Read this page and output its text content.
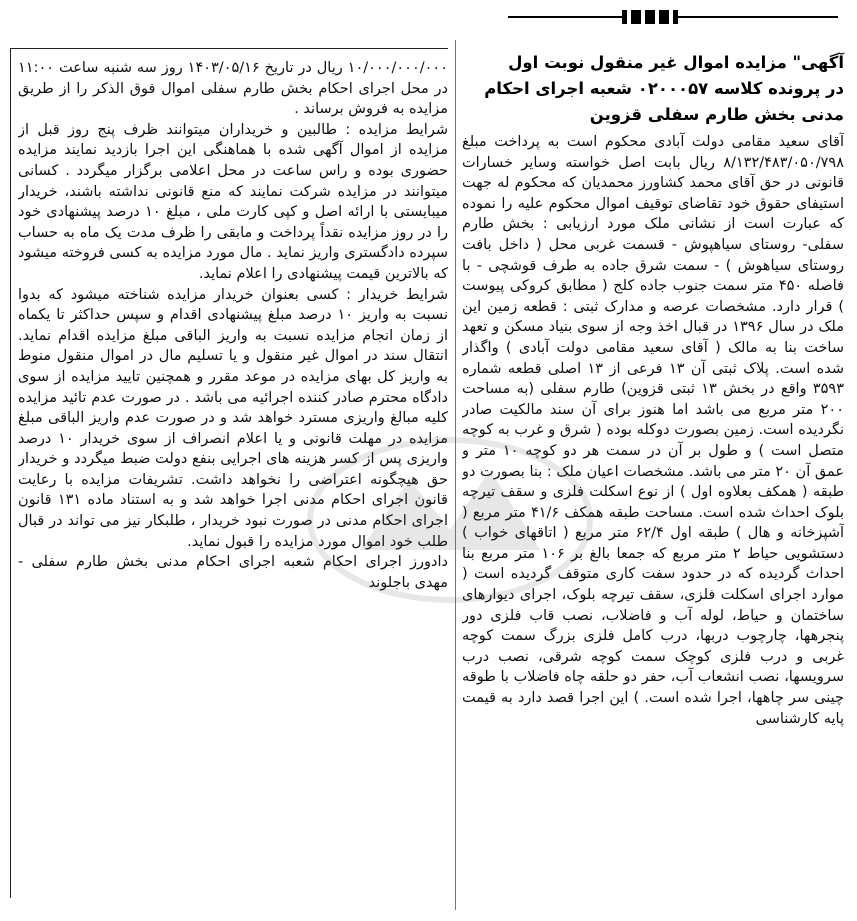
آگهی" مزایده اموال غیر منقول نوبت اول
در پرونده کلاسه ۰۲۰۰۰۵۷ شعبه اجرای احکام
مدنی بخش طارم سفلی قزوین

آقای سعید مقامی دولت آبادی محکوم است به پرداخت مبلغ ۸/۱۳۲/۴۸۳/۰۵۰/۷۹۸ ریال بابت اصل خواسته وسایر خسارات قانونی در حق آقای محمد کشاورز محمدیان که محکوم له جهت استیفای حقوق خود تقاضای توقیف اموال محکوم علیه را نموده که عبارت است از نشانی ملک مورد ارزیابی : بخش طارم سفلی- روستای سیاهپوش - قسمت غربی محل ( داخل بافت روستای سیاهوش ) - سمت شرق جاده به طرف قوشچی - با فاصله ۴۵۰ متر سمت جنوب جاده کلج ( مطابق کروکی پیوست ) قرار دارد. مشخصات عرصه و مدارک ثبتی : قطعه زمین این ملک در سال ۱۳۹۶ در قبال اخذ وجه از سوی بنیاد مسکن و تعهد ساخت بنا به مالک ( آقای سعید مقامی دولت آبادی ) واگذار شده است. پلاک ثبتی آن ۱۳ فرعی از ۱۳ اصلی قطعه شماره ۳۵۹۳ واقع در بخش ۱۳ ثبتی قزوین) طارم سفلی (به مساحت ۲۰۰ متر مربع می باشد اما هنوز برای آن سند مالکیت صادر نگردیده است. زمین بصورت دوکله بوده ( شرق و غرب به کوچه متصل است ) و طول بر آن در سمت هر دو کوچه ۱۰ متر و عمق آن ۲۰ متر می باشد. مشخصات اعیان ملک : بنا بصورت دو طبقه ( همکف بعلاوه اول ) از نوع اسکلت فلزی و سقف تیرچه بلوک احداث شده است. مساحت طبقه همکف ۴۱/۶ متر مربع ( آشپزخانه و هال ) طبقه اول ۶۲/۴ متر مربع ( اتاقهای خواب ) دستشویی حیاط ۲ متر مربع که جمعا بالغ بر ۱۰۶ متر مربع بنا احداث گردیده که در حدود سفت کاری متوقف گردیده است ( موارد اجرای اسکلت فلزی، سقف تیرچه بلوک، اجرای دیوارهای ساختمان و حیاط، لوله آب و فاضلاب، نصب قاب فلزی دور پنجرهها، چارچوب دربها، درب کامل فلزی بزرگ سمت کوچه غربی و درب فلزی کوچک سمت کوچه شرقی، نصب درب سرویسها، نصب انشعاب آب، حفر دو حلقه چاه فاضلاب با طوقه چینی سر چاهها، اجرا شده است. ) این اجرا قصد دارد به قیمت پایه کارشناسی

۱۰/۰۰۰/۰۰۰/۰۰۰ ریال در تاریخ ۱۴۰۳/۰۵/۱۶ روز سه شنبه ساعت ۱۱:۰۰ در محل اجرای احکام بخش طارم سفلی اموال فوق الذکر را از طریق مزایده به فروش برساند .

شرایط مزایده : طالبین و خریداران میتوانند ظرف پنج روز قبل از مزایده از اموال آگهی شده با هماهنگی این اجرا بازدید نمایند مزایده حضوری بوده و راس ساعت در محل اعلامی برگزار میگردد . کسانی میتوانند در مزایده شرکت نمایند که منع قانونی نداشته باشند، خریدار میبایستی با ارائه اصل و کپی کارت ملی ، مبلغ ۱۰ درصد پیشنهادی خود را در روز مزایده نقداً پرداخت و مابقی را ظرف مدت یک ماه به حساب سپرده دادگستری واریز نماید . مال مورد مزایده به کسی فروخته میشود که بالاترین قیمت پیشنهادی را اعلام نماید.

شرایط خریدار : کسی بعنوان خریدار مزایده شناخته میشود که بدوا نسبت به واریز ۱۰ درصد مبلغ پیشنهادی اقدام و سپس حداکثر تا یکماه از زمان انجام مزایده نسبت به واریز الباقی مبلغ مزایده اقدام نماید. انتقال سند در اموال غیر منقول و یا تسلیم مال در اموال منقول منوط به واریز کل بهای مزایده در موعد مقرر و همچنین تایید مزایده از سوی دادگاه محترم صادر کننده اجرائیه می باشد . در صورت عدم تائید مزایده کلیه مبالغ واریزی مسترد خواهد شد و در صورت عدم واریز الباقی مبلغ مزایده در مهلت قانونی و یا اعلام انصراف از سوی خریدار ۱۰ درصد واریزی پس از کسر هزینه های اجرایی بنفع دولت ضبط میگردد و خریدار حق هیچگونه اعتراضی را نخواهد داشت. تشریفات مزایده با رعایت قانون اجرای احکام مدنی اجرا خواهد شد و به استناد ماده ۱۳۱ قانون اجرای احکام مدنی در صورت نبود خریدار ، طلبکار نیز می تواند در قبال طلب خود اموال مورد مزایده را قبول نماید.

دادورز اجرای احکام شعبه اجرای احکام مدنی بخش طارم سفلی - مهدی باجلوند
